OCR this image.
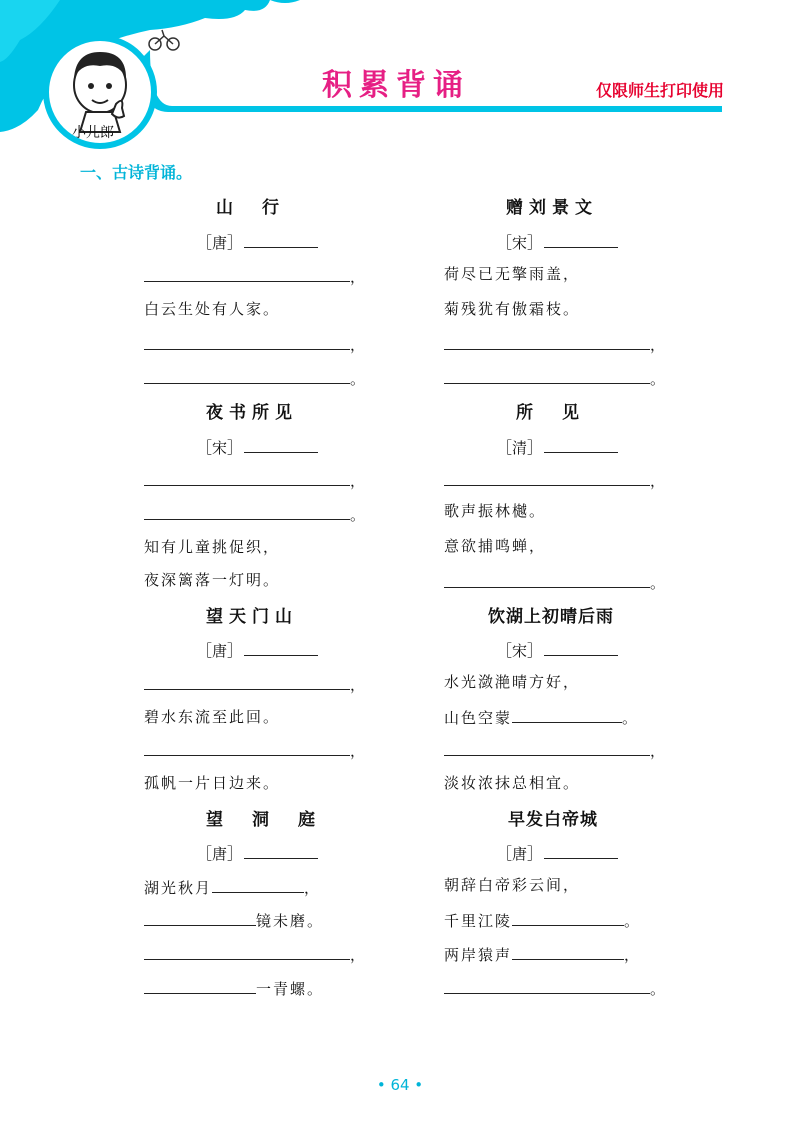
积累背诵	仅限师生打印使用
小儿郎
一、古诗背诵。
山　行
［唐］
，
白云生处有人家。
，
。
夜书所见
［宋］
，
。
知有儿童挑促织，
夜深篱落一灯明。
望天门山
［唐］
，
碧水东流至此回。
，
孤帆一片日边来。
望　洞　庭
［唐］
湖光秋月	，
镜未磨。
，
一青螺。
赠刘景文
［宋］
荷尽已无擎雨盖，
菊残犹有傲霜枝。
，
。
所　见
［清］
，
歌声振林樾。
意欲捕鸣蝉，
。
饮湖上初晴后雨
［宋］
水光潋滟晴方好，
山色空蒙	。
，
淡妆浓抹总相宜。
早发白帝城
［唐］
朝辞白帝彩云间，
千里江陵	。
两岸猿声	，
。
• 64 •
